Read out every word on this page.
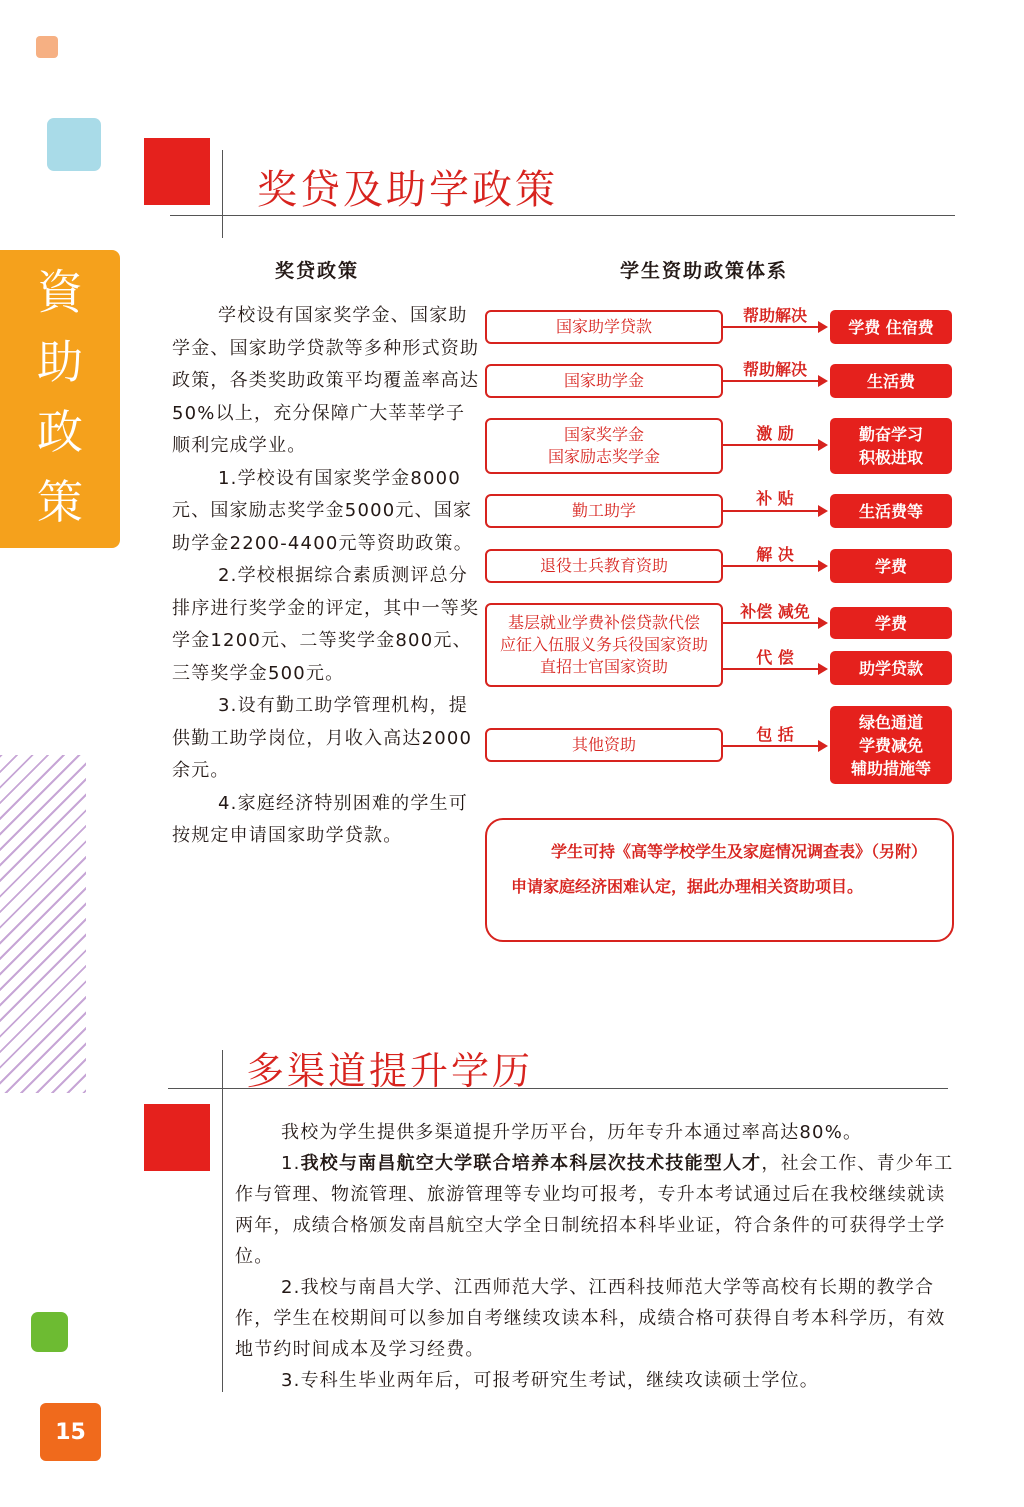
資
助
政
策
奖贷及助学政策
奖贷政策	学生资助政策体系

学校设有国家奖学金、国家助学金、国家助学贷款等多种形式资助政策，各类奖助政策平均覆盖率高达50%以上，充分保障广大莘莘学子顺利完成学业。

1.学校设有国家奖学金8000元、国家励志奖学金5000元、国家助学金2200-4400元等资助政策。

2.学校根据综合素质测评总分排序进行奖学金的评定，其中一等奖学金1200元、二等奖学金800元、三等奖学金500元。

3.设有勤工助学管理机构，提供勤工助学岗位，月收入高达2000余元。

4.家庭经济特别困难的学生可按规定申请国家助学贷款。

国家助学贷款
帮助解决
学费 住宿费
国家助学金
帮助解决
生活费
国家奖学金
国家励志奖学金
激 励	勤奋学习
积极进取
勤工助学
补 贴
生活费等
退役士兵教育资助
解 决
学费
基层就业学费补偿贷款代偿
应征入伍服义务兵役国家资助
直招士官国家资助
补偿 减免
学费
代 偿
助学贷款
其他资助
包 括
绿色通道
学费减免
辅助措施等

学生可持《高等学校学生及家庭情况调查表》（另附）申请家庭经济困难认定，据此办理相关资助项目。

多渠道提升学历

我校为学生提供多渠道提升学历平台，历年专升本通过率高达80%。

1.我校与南昌航空大学联合培养本科层次技术技能型人才，社会工作、青少年工作与管理、物流管理、旅游管理等专业均可报考，专升本考试通过后在我校继续就读两年，成绩合格颁发南昌航空大学全日制统招本科毕业证，符合条件的可获得学士学位。

2.我校与南昌大学、江西师范大学、江西科技师范大学等高校有长期的教学合作，学生在校期间可以参加自考继续攻读本科，成绩合格可获得自考本科学历，有效地节约时间成本及学习经费。

3.专科生毕业两年后，可报考研究生考试，继续攻读硕士学位。

15
